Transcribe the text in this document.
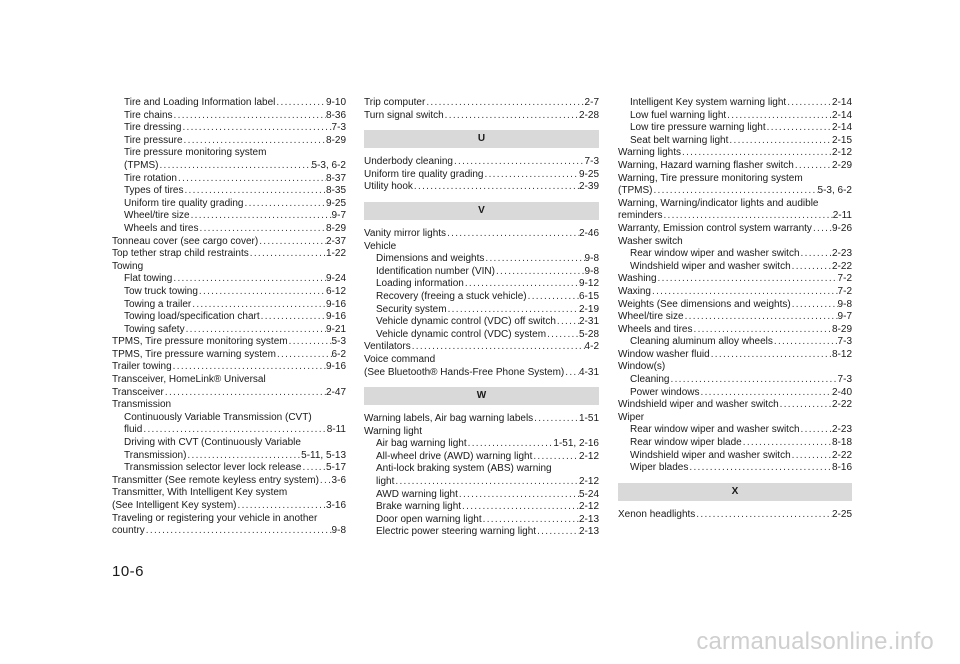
Tire and Loading Information label .....	9-10
Tire chains .....	8-36
Tire dressing .....	7-3
Tire pressure .....	8-29
Tire pressure monitoring system
(TPMS) .....	5-3, 6-2
Tire rotation .....	8-37
Types of tires .....	8-35
Uniform tire quality grading .....	9-25
Wheel/tire size .....	9-7
Wheels and tires .....	8-29
Tonneau cover (see cargo cover) .....	2-37
Top tether strap child restraints .....	1-22
Towing
Flat towing .....	9-24
Tow truck towing .....	6-12
Towing a trailer .....	9-16
Towing load/specification chart .....	9-16
Towing safety .....	9-21
TPMS, Tire pressure monitoring system .....	5-3
TPMS, Tire pressure warning system .....	6-2
Trailer towing .....	9-16
Transceiver, HomeLink® Universal
Transceiver .....	2-47
Transmission
Continuously Variable Transmission (CVT)
fluid .....	8-11
Driving with CVT (Continuously Variable
Transmission) .....	5-11, 5-13
Transmission selector lever lock release ..... 5-17
Transmitter (See remote keyless entry system) ..... 3-6
Transmitter, With Intelligent Key system
(See Intelligent Key system) .....	3-16
Traveling or registering your vehicle in another
country .....	9-8
Trip computer .....	2-7
Turn signal switch .....	2-28
U
Underbody cleaning .....	7-3
Uniform tire quality grading .....	9-25
Utility hook .....	2-39
V
Vanity mirror lights .....	2-46
Vehicle
Dimensions and weights .....	9-8
Identification number (VIN) .....	9-8
Loading information .....	9-12
Recovery (freeing a stuck vehicle) .....	6-15
Security system .....	2-19
Vehicle dynamic control (VDC) off switch ..... 2-31
Vehicle dynamic control (VDC) system .....	5-28
Ventilators .....	4-2
Voice command
(See Bluetooth® Hands-Free Phone System) ..... 4-31
W
Warning labels, Air bag warning labels .....	1-51
Warning light
Air bag warning light .....	1-51, 2-16
All-wheel drive (AWD) warning light .....	2-12
Anti-lock braking system (ABS) warning
light .....	2-12
AWD warning light .....	5-24
Brake warning light .....	2-12
Door open warning light .....	2-13
Electric power steering warning light .....	2-13
Intelligent Key system warning light .....	2-14
Low fuel warning light .....	2-14
Low tire pressure warning light .....	2-14
Seat belt warning light .....	2-15
Warning lights .....	2-12
Warning, Hazard warning flasher switch .....	2-29
Warning, Tire pressure monitoring system
(TPMS) .....	5-3, 6-2
Warning, Warning/indicator lights and audible
reminders .....	2-11
Warranty, Emission control system warranty ..... 9-26
Washer switch
Rear window wiper and washer switch .....	2-23
Windshield wiper and washer switch .....	2-22
Washing .....	7-2
Waxing .....	7-2
Weights (See dimensions and weights) .....	9-8
Wheel/tire size .....	9-7
Wheels and tires .....	8-29
Cleaning aluminum alloy wheels .....	7-3
Window washer fluid .....	8-12
Window(s)
Cleaning .....	7-3
Power windows .....	2-40
Windshield wiper and washer switch .....	2-22
Wiper
Rear window wiper and washer switch .....	2-23
Rear window wiper blade .....	8-18
Windshield wiper and washer switch .....	2-22
Wiper blades .....	8-16
X
Xenon headlights .....	2-25
10-6
carmanualsonline.info
